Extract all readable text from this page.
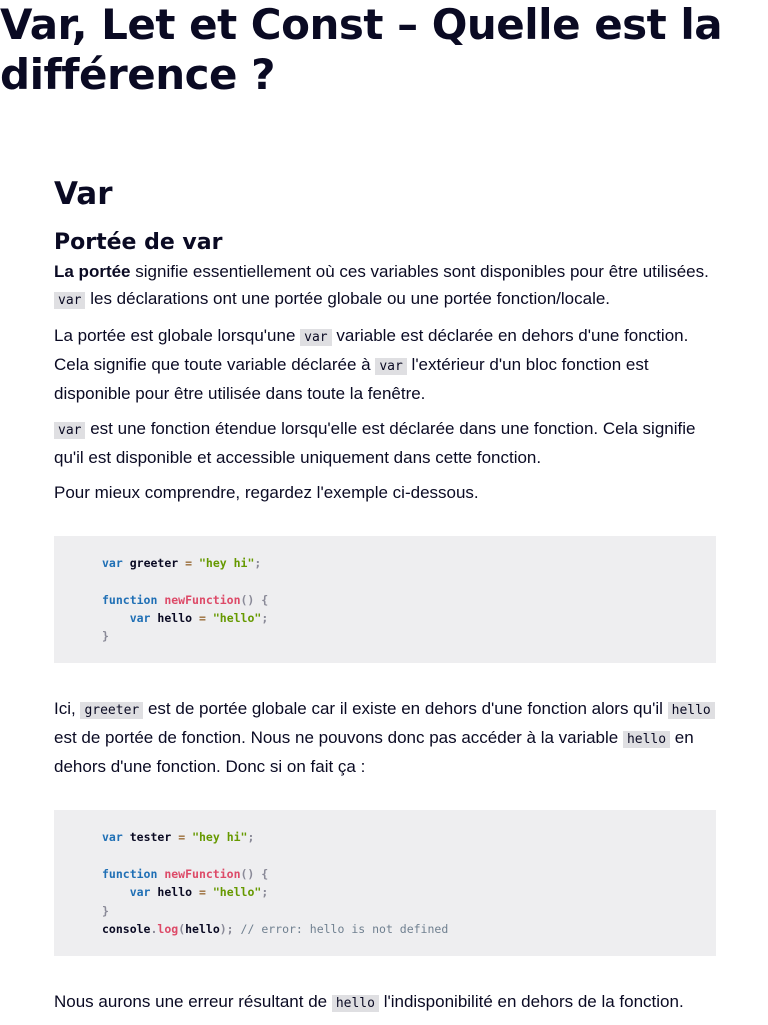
Var, Let et Const – Quelle est la différence ?
Var
Portée de var

La portée signifie essentiellement où ces variables sont disponibles pour être utilisées. var les déclarations ont une portée globale ou une portée fonction/locale.

La portée est globale lorsqu'une var variable est déclarée en dehors d'une fonction. Cela signifie que toute variable déclarée à var l'extérieur d'un bloc fonction est disponible pour être utilisée dans toute la fenêtre.

var est une fonction étendue lorsqu'elle est déclarée dans une fonction. Cela signifie qu'il est disponible et accessible uniquement dans cette fonction.

Pour mieux comprendre, regardez l'exemple ci-dessous.

var greeter = "hey hi";

function newFunction() {
var hello = "hello";
}

Ici, greeter est de portée globale car il existe en dehors d'une fonction alors qu'il hello est de portée de fonction. Nous ne pouvons donc pas accéder à la variable hello en dehors d'une fonction. Donc si on fait ça :

var tester = "hey hi";

function newFunction() {
var hello = "hello";
}
console.log(hello); // error: hello is not defined

Nous aurons une erreur résultant de hello l'indisponibilité en dehors de la fonction.
